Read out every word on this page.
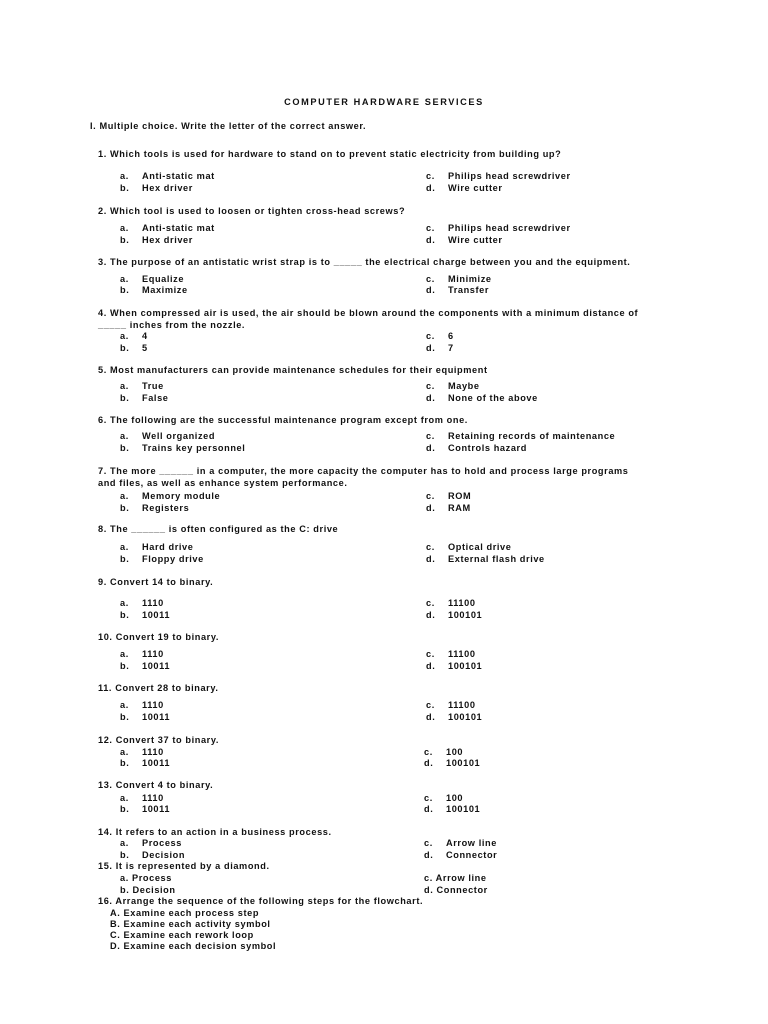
COMPUTER HARDWARE SERVICES
I. Multiple choice. Write the letter of the correct answer.
1. Which tools is used for hardware to stand on to prevent static electricity from building up?
a. Anti-static mat	c. Philips head screwdriver
b. Hex driver	d. Wire cutter
2. Which tool is used to loosen or tighten cross-head screws?
a. Anti-static mat	c. Philips head screwdriver
b. Hex driver	d. Wire cutter
3. The purpose of an antistatic wrist strap is to _____ the electrical charge between you and the equipment.
a. Equalize	c. Minimize
b. Maximize	d. Transfer
4. When compressed air is used, the air should be blown around the components with a minimum distance of
_____ inches from the nozzle.
a. 4	c. 6
b. 5	d. 7
5. Most manufacturers can provide maintenance schedules for their equipment
a. True	c. Maybe
b. False	d. None of the above
6. The following are the successful maintenance program except from one.
a. Well organized	c. Retaining records of maintenance
b. Trains key personnel	d. Controls hazard
7. The more ______ in a computer, the more capacity the computer has to hold and process large programs
and files, as well as enhance system performance.
a. Memory module	c. ROM
b. Registers	d. RAM
8. The ______ is often configured as the C: drive
a. Hard drive	c. Optical drive
b. Floppy drive	d. External flash drive
9. Convert 14 to binary.
a. 1110	c. 11100
b. 10011	d. 100101
10. Convert 19 to binary.
a. 1110	c. 11100
b. 10011	d. 100101
11. Convert 28 to binary.
a. 1110	c. 11100
b. 10011	d. 100101
12. Convert 37 to binary.
a. 1110	c. 100
b. 10011	d. 100101
13. Convert 4 to binary.
a. 1110	c. 100
b. 10011	d. 100101
14. It refers to an action in a business process.
a. Process	c. Arrow line
b. Decision	d. Connector
15. It is represented by a diamond.
a. Process	c. Arrow line
b. Decision	d. Connector
16. Arrange the sequence of the following steps for the flowchart.
A. Examine each process step
B. Examine each activity symbol
C. Examine each rework loop
D. Examine each decision symbol
